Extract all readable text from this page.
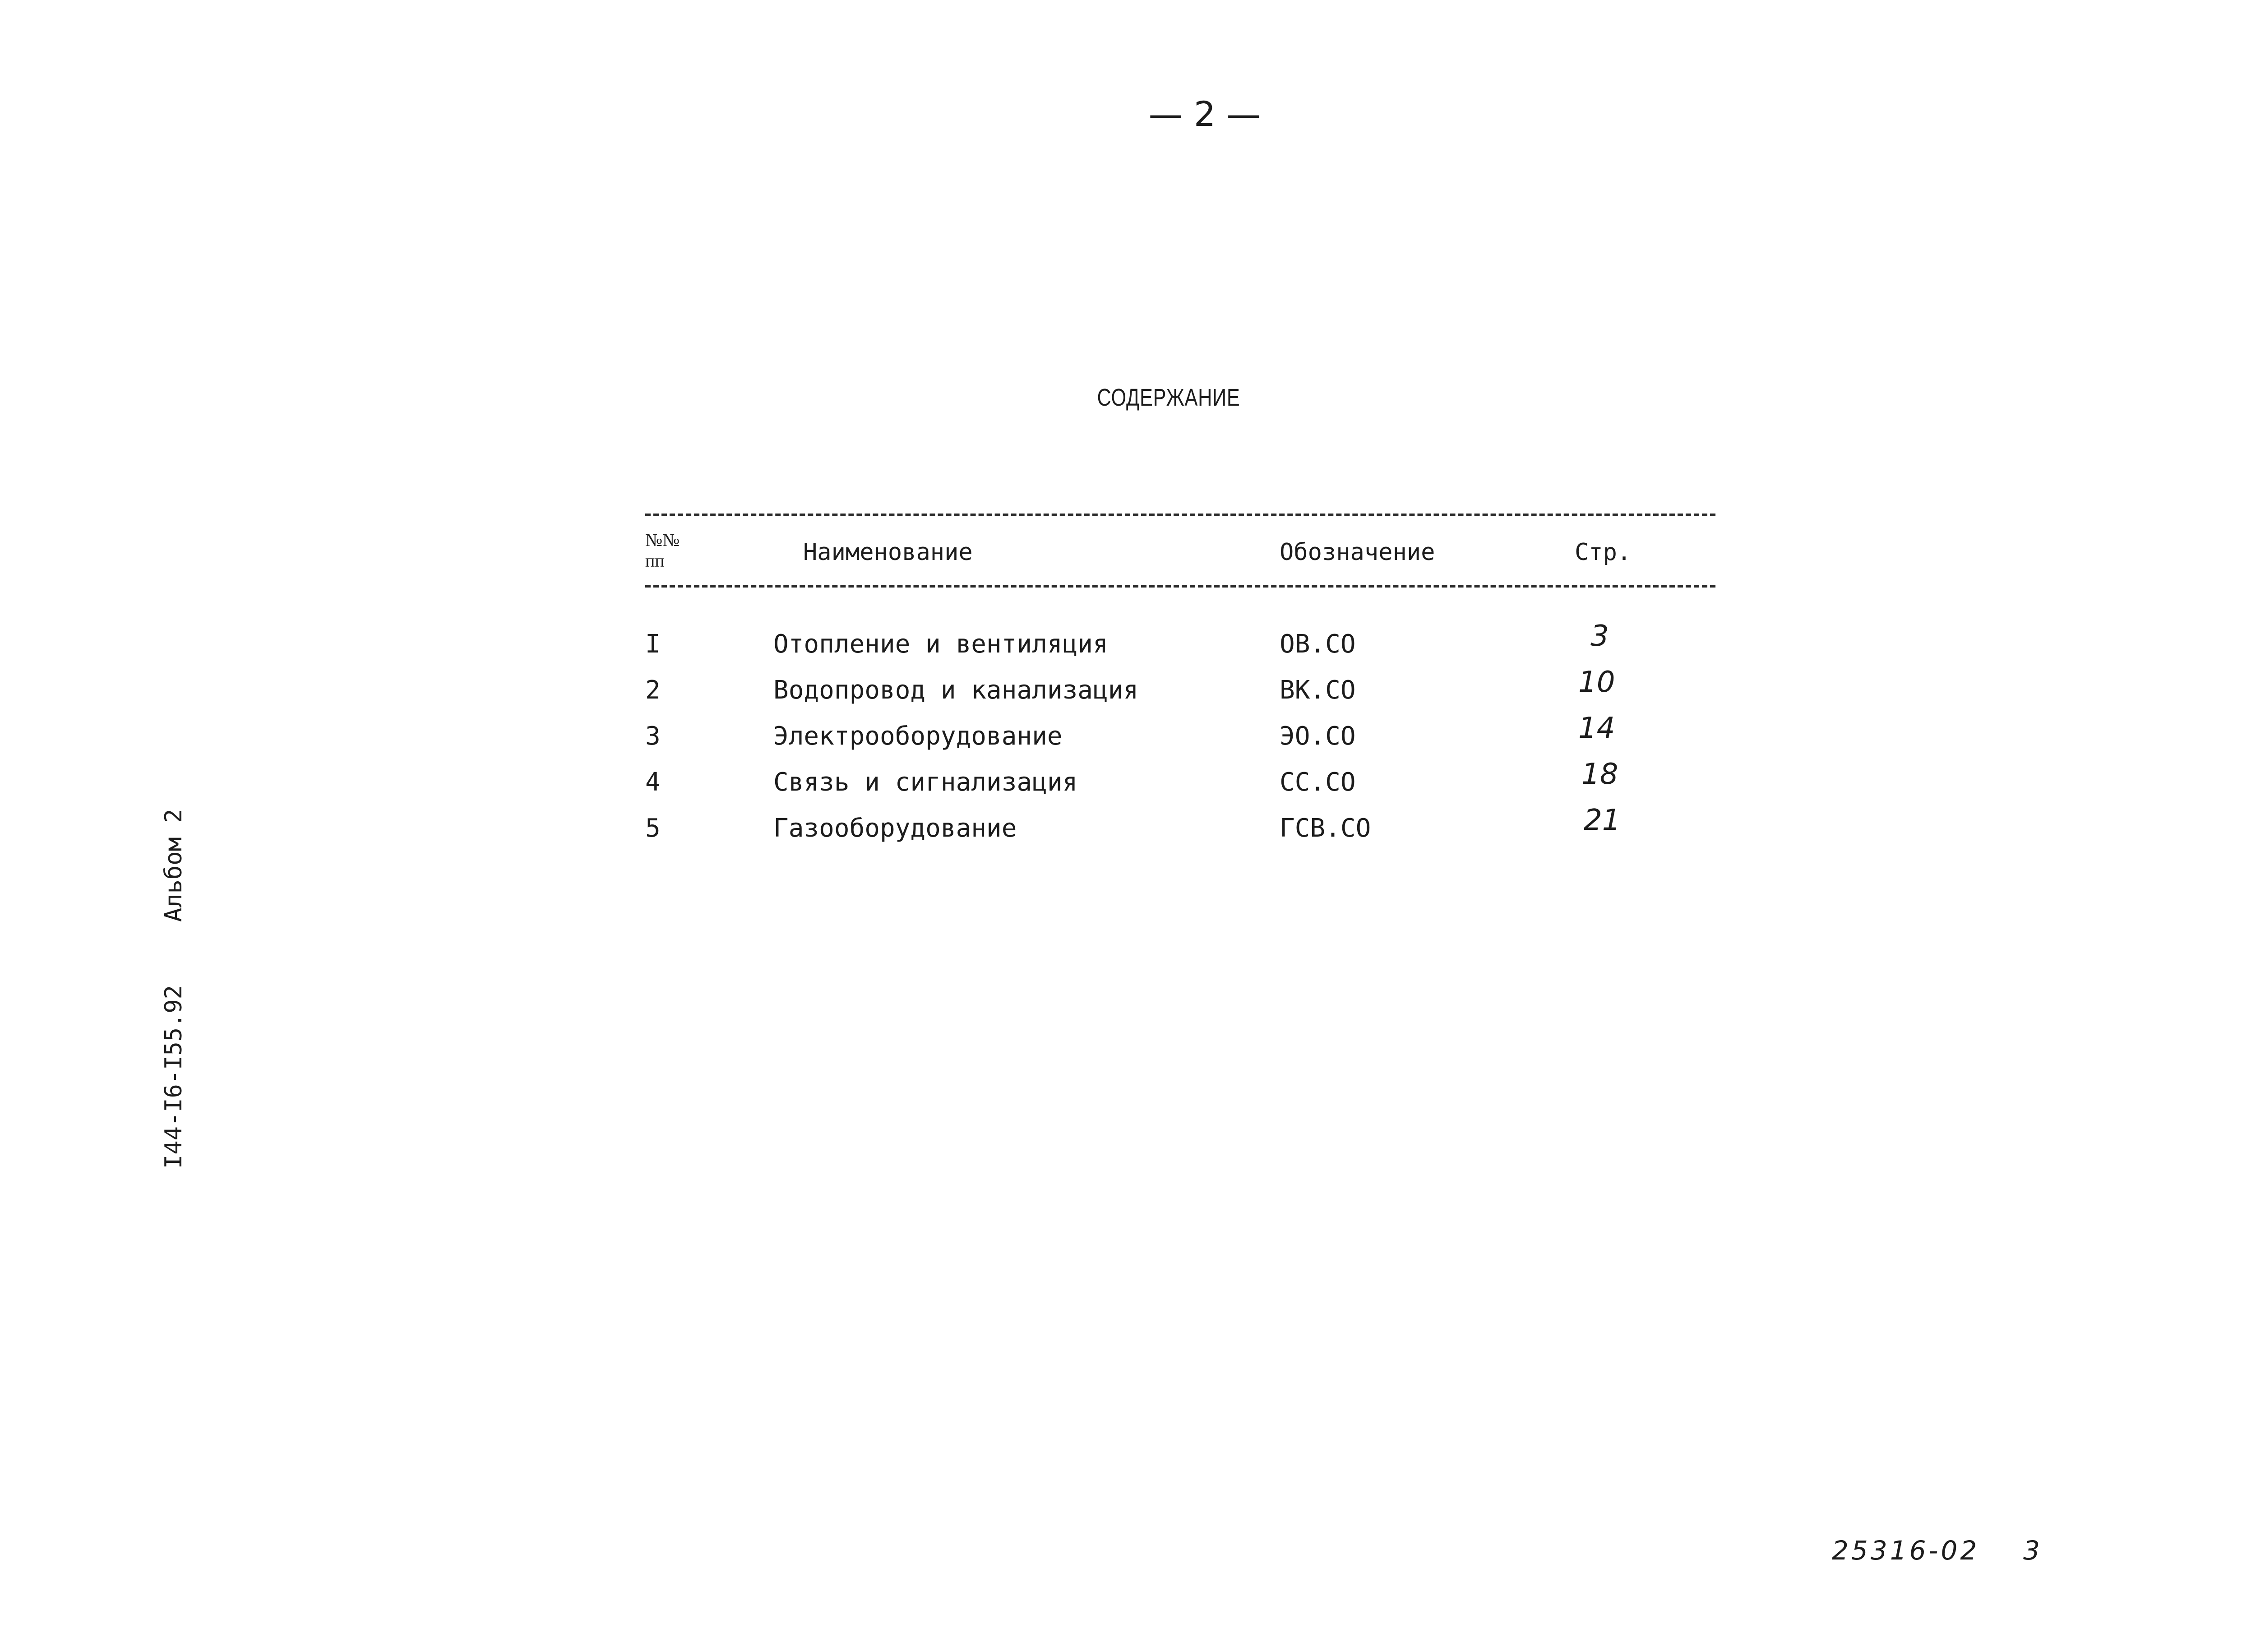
— 2 —
СОДЕРЖАНИЕ
№№
пп	Наименование	Обозначение	Стр.
I	Отопление и вентиляция	ОВ.СО	3
2	Водопровод и канализация	ВК.СО	10
3	Электрооборудование	ЭО.СО	14
4	Связь и сигнализация	СС.СО	18
5	Газооборудование	ГСВ.СО	21
I44-I6-I55.92Альбом 2
25316-02 3
